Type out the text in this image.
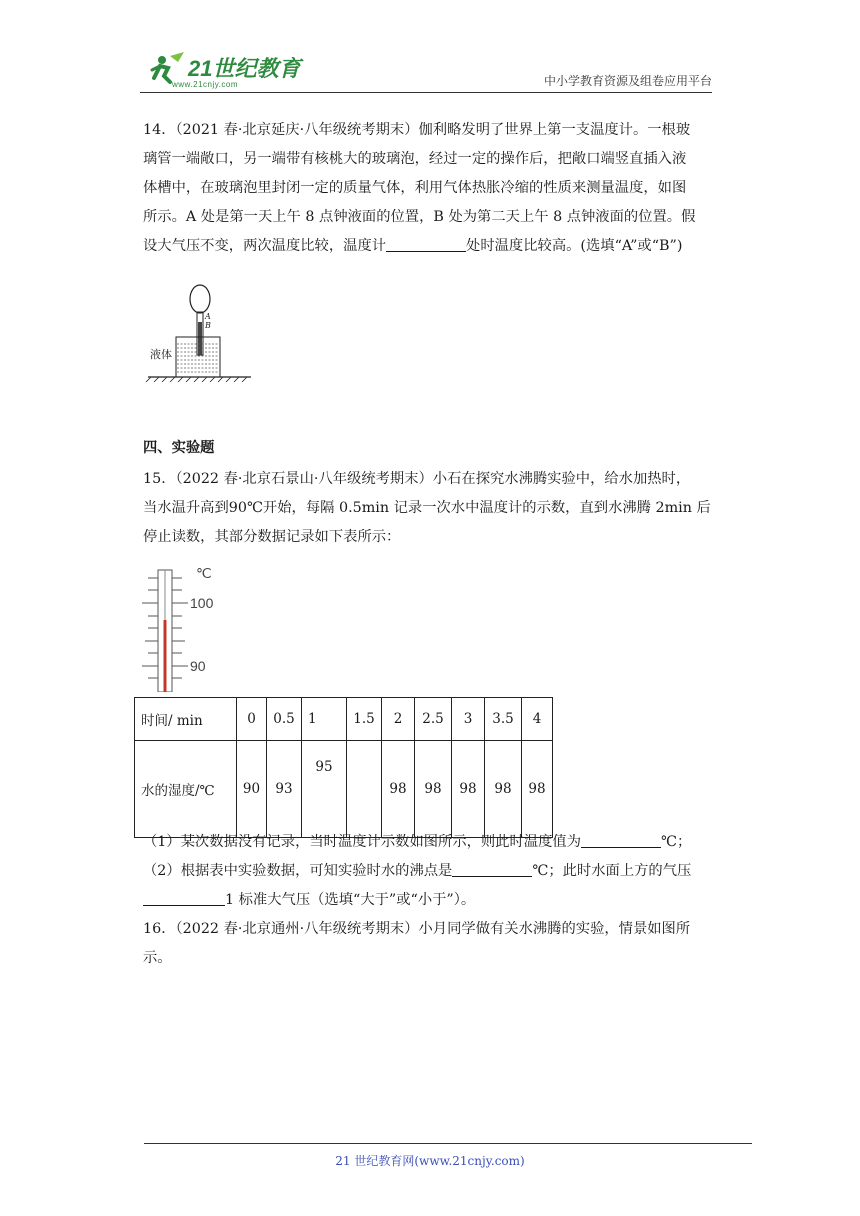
21世纪教育
www.21cnjy.com	中小学教育资源及组卷应用平台

14．（2021 春·北京延庆·八年级统考期末）伽利略发明了世界上第一支温度计。一根玻

璃管一端敞口，另一端带有核桃大的玻璃泡，经过一定的操作后，把敞口端竖直插入液

体槽中，在玻璃泡里封闭一定的质量气体，利用气体热胀冷缩的性质来测量温度，如图

所示。A 处是第一天上午 8 点钟液面的位置，B 处为第二天上午 8 点钟液面的位置。假

设大气压不变，两次温度比较，温度计	处时温度比较高。(选填“A”或“B”)

A
B
液体
四、实验题

15．（2022 春·北京石景山·八年级统考期末）小石在探究水沸腾实验中，给水加热时，

当水温升高到90℃开始，每隔 0.5min 记录一次水中温度计的示数，直到水沸腾 2min 后

停止读数，其部分数据记录如下表所示：

℃
100
90
时间/ min	0	0.5	1	1.5	2	2.5	3	3.5	4
水的湿度/℃	90	93	95		98	98	98	98	98

（1）某次数据没有记录，当时温度计示数如图所示，则此时温度值为	℃；

（2）根据表中实验数据，可知实验时水的沸点是	℃；此时水面上方的气压

1 标准大气压（选填“大于”或“小于”）。

16．（2022 春·北京通州·八年级统考期末）小月同学做有关水沸腾的实验，情景如图所

示。

21 世纪教育网(www.21cnjy.com)
